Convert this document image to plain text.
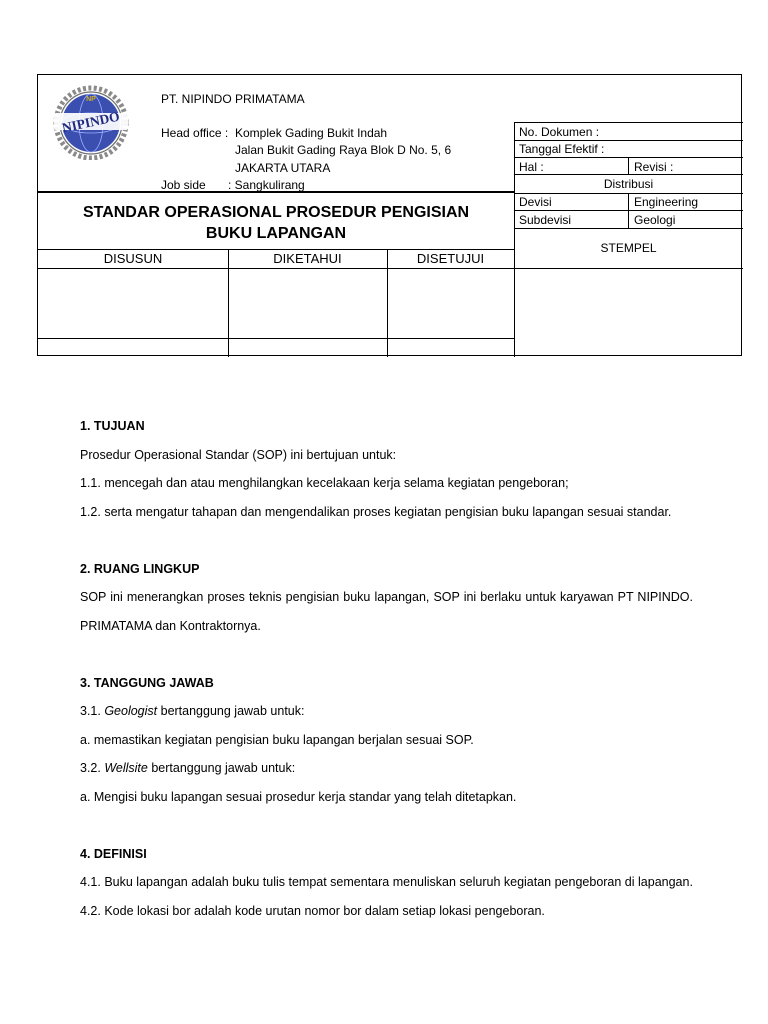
NIPINDO
NP	PT. NIPINDO PRIMATAMA
Head office : Komplek Gading Bukit Indah
Jalan Bukit Gading Raya Blok D No. 5, 6
JAKARTA UTARA
Job side : Sangkulirang
No. Dokumen :
Tanggal Efektif :
Hal :	Revisi :
Distribusi
Devisi	Engineering
Subdevisi	Geologi
STEMPEL
STANDAR OPERASIONAL PROSEDUR PENGISIAN
BUKU LAPANGAN
DISUSUN	DIKETAHUI	DISETUJUI

1. TUJUAN

Prosedur Operasional Standar (SOP) ini bertujuan untuk:

1.1. mencegah dan atau menghilangkan kecelakaan kerja selama kegiatan pengeboran;

1.2. serta mengatur tahapan dan mengendalikan proses kegiatan pengisian buku lapangan sesuai standar.

2. RUANG LINGKUP

SOP ini menerangkan proses teknis pengisian buku lapangan, SOP ini berlaku untuk karyawan PT NIPINDO. PRIMATAMA dan Kontraktornya.

3. TANGGUNG JAWAB

3.1. Geologist bertanggung jawab untuk:

a. memastikan kegiatan pengisian buku lapangan berjalan sesuai SOP.

3.2. Wellsite bertanggung jawab untuk:

a. Mengisi buku lapangan sesuai prosedur kerja standar yang telah ditetapkan.

4. DEFINISI

4.1. Buku lapangan adalah buku tulis tempat sementara menuliskan seluruh kegiatan pengeboran di lapangan.

4.2. Kode lokasi bor adalah kode urutan nomor bor dalam setiap lokasi pengeboran.
